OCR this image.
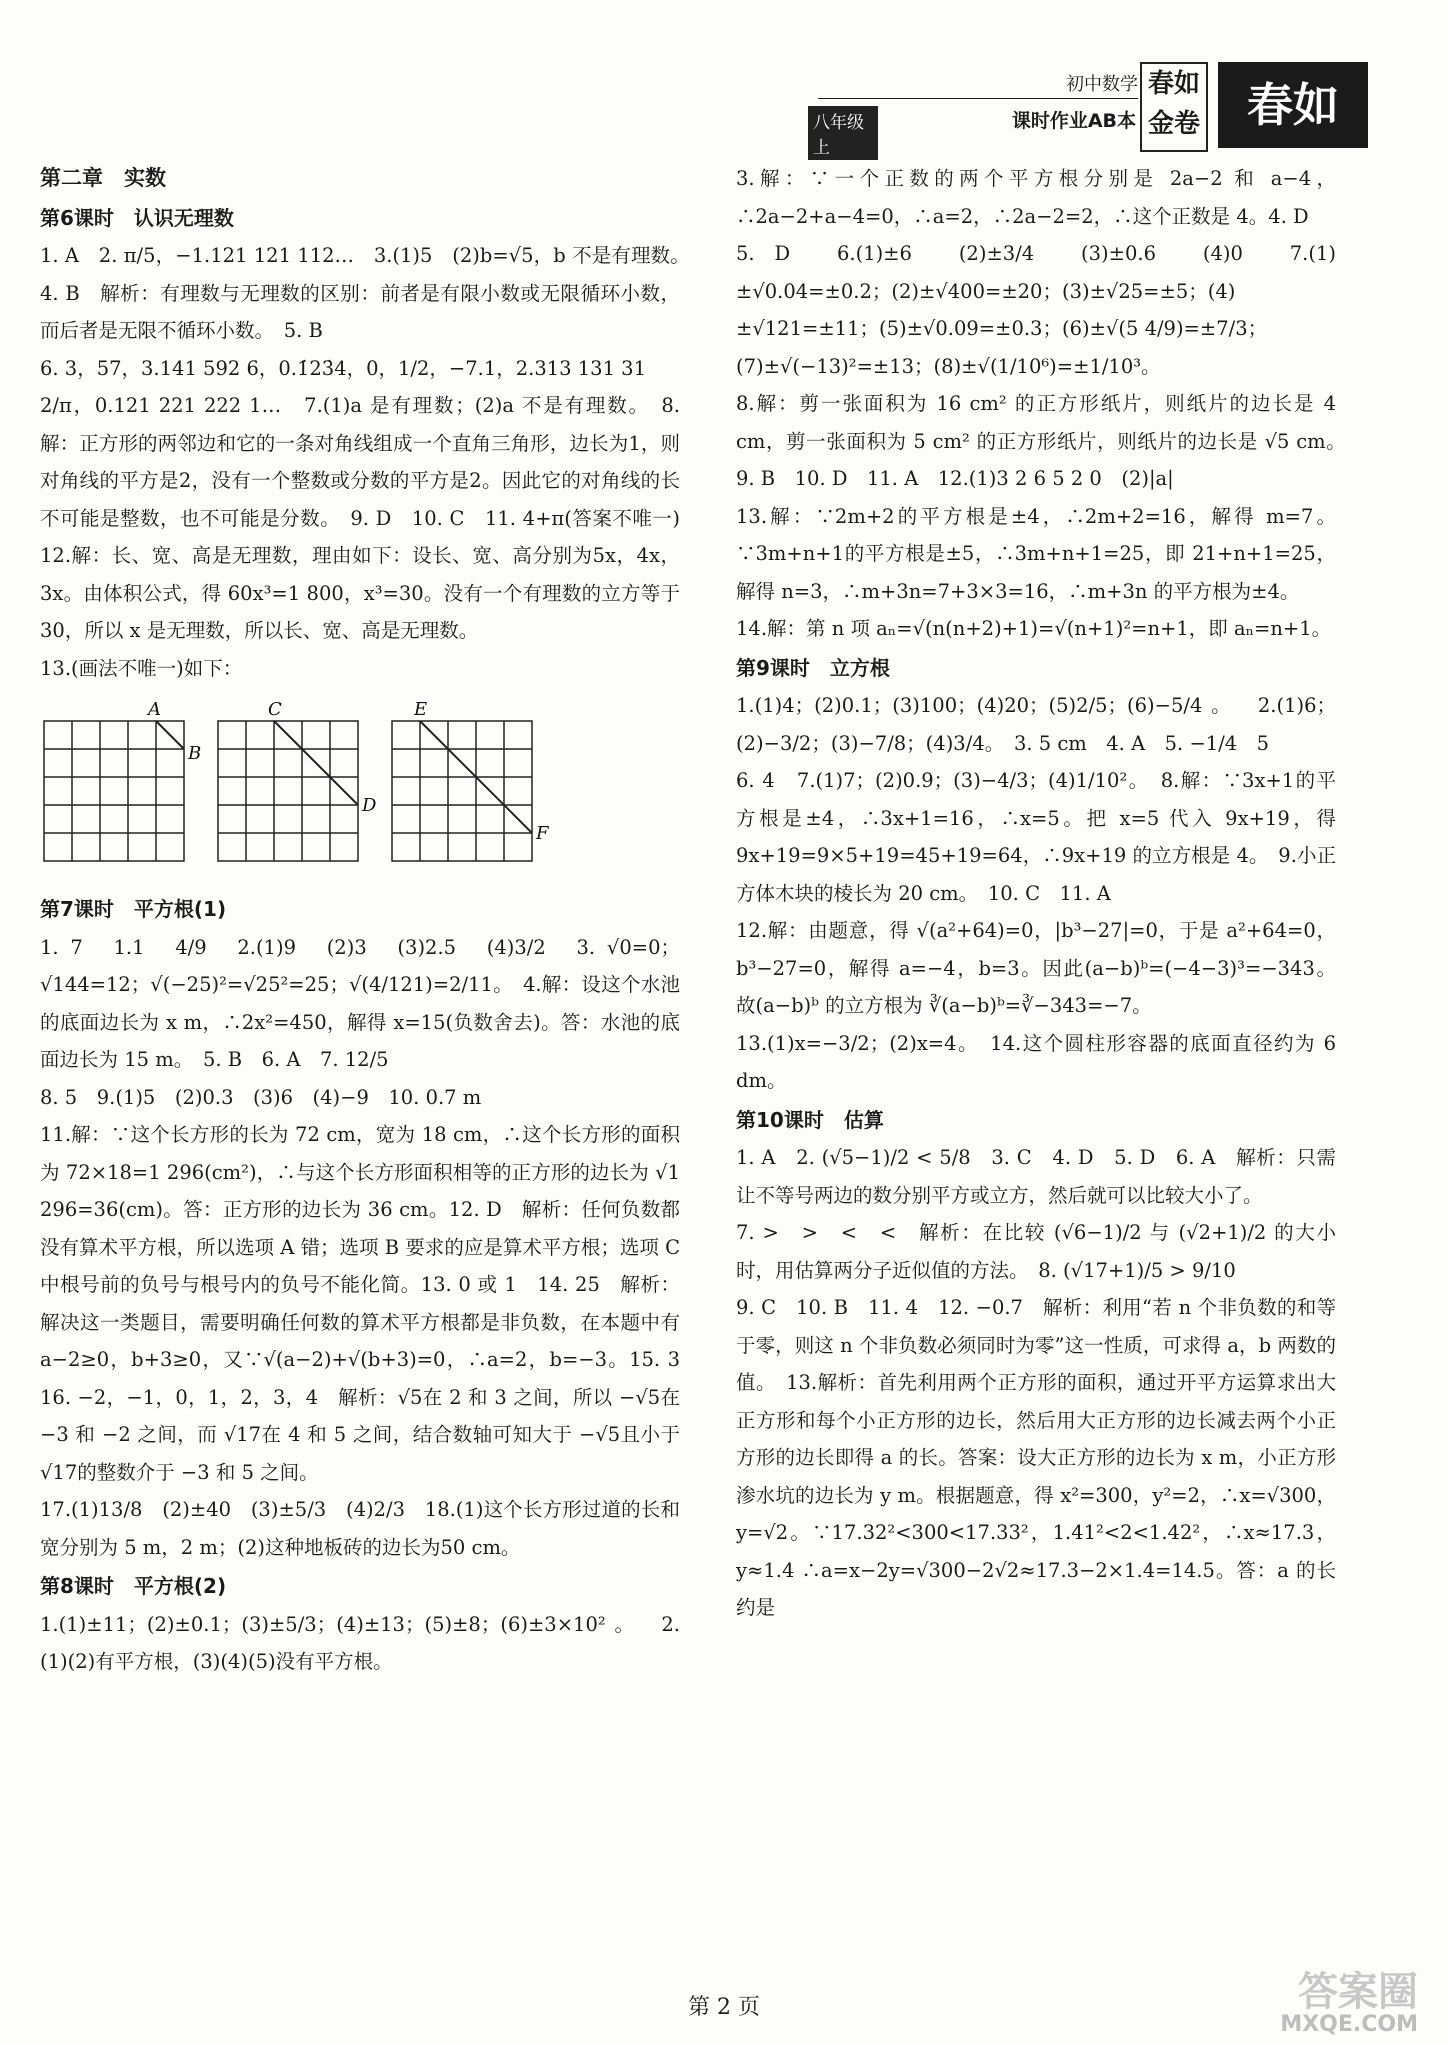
初中数学
八年级上
课时作业AB本
春如金卷	春如
第二章　实数
第6课时　认识无理数
1. A　2. π/5，−1.121 121 112…　3.(1)5　(2)b=√5，b 不是有理数。　4. B　解析：有理数与无理数的区别：前者是有限小数或无限循环小数，而后者是无限不循环小数。　5. B
6. 3，57，3.141 592 6，0.1̇23̇4，0，1/2，−7.1，2.313 131 31
2/π，0.121 221 222 1…　7.(1)a 是有理数；(2)a 不是有理数。　8.解：正方形的两邻边和它的一条对角线组成一个直角三角形，边长为1，则对角线的平方是2，没有一个整数或分数的平方是2。因此它的对角线的长不可能是整数，也不可能是分数。　9. D　10. C　11. 4+π(答案不唯一)　12.解：长、宽、高是无理数，理由如下：设长、宽、高分别为5x，4x，3x。由体积公式，得 60x³=1 800，x³=30。没有一个有理数的立方等于30，所以 x 是无理数，所以长、宽、高是无理数。
13.(画法不唯一)如下：
A
B
C
D
E
F
第7课时　平方根(1)
1. 7　1.1　4/9　2.(1)9　(2)3　(3)2.5　(4)3/2　3. √0=0；√144=12；√(−25)²=√25²=25；√(4/121)=2/11。　4.解：设这个水池的底面边长为 x m，∴2x²=450，解得 x=15(负数舍去)。答：水池的底面边长为 15 m。　5. B　6. A　7. 12/5
8. 5　9.(1)5　(2)0.3　(3)6　(4)−9　10. 0.7 m
11.解：∵这个长方形的长为 72 cm，宽为 18 cm，∴这个长方形的面积为 72×18=1 296(cm²)，∴与这个长方形面积相等的正方形的边长为 √1 296=36(cm)。答：正方形的边长为 36 cm。12. D　解析：任何负数都没有算术平方根，所以选项 A 错；选项 B 要求的应是算术平方根；选项 C 中根号前的负号与根号内的负号不能化简。13. 0 或 1　14. 25　解析：解决这一类题目，需要明确任何数的算术平方根都是非负数，在本题中有 a−2≥0，b+3≥0，又∵√(a−2)+√(b+3)=0，∴a=2，b=−3。15. 3　16. −2，−1，0，1，2，3，4　解析：√5在 2 和 3 之间，所以 −√5在 −3 和 −2 之间，而 √17在 4 和 5 之间，结合数轴可知大于 −√5且小于 √17的整数介于 −3 和 5 之间。
17.(1)13/8　(2)±40　(3)±5/3　(4)2/3　18.(1)这个长方形过道的长和宽分别为 5 m，2 m；(2)这种地板砖的边长为50 cm。
第8课时　平方根(2)
1.(1)±11；(2)±0.1；(3)±5/3；(4)±13；(5)±8；(6)±3×10²。　2.(1)(2)有平方根，(3)(4)(5)没有平方根。
3.解：∵一个正数的两个平方根分别是 2a−2 和 a−4，∴2a−2+a−4=0，∴a=2，∴2a−2=2，∴这个正数是 4。4. D
5. D　6.(1)±6　(2)±3/4　(3)±0.6　(4)0　7.(1)±√0.04=±0.2；(2)±√400=±20；(3)±√25=±5；(4)±√121=±11；(5)±√0.09=±0.3；(6)±√(5 4/9)=±7/3；
(7)±√(−13)²=±13；(8)±√(1/10⁶)=±1/10³。
8.解：剪一张面积为 16 cm² 的正方形纸片，则纸片的边长是 4 cm，剪一张面积为 5 cm² 的正方形纸片，则纸片的边长是 √5 cm。　9. B　10. D　11. A　12.(1)3 2 6 5 2 0　(2)|a|
13.解：∵2m+2的平方根是±4，∴2m+2=16，解得 m=7。∵3m+n+1的平方根是±5，∴3m+n+1=25，即 21+n+1=25，解得 n=3，∴m+3n=7+3×3=16，∴m+3n 的平方根为±4。
14.解：第 n 项 aₙ=√(n(n+2)+1)=√(n+1)²=n+1，即 aₙ=n+1。
第9课时　立方根
1.(1)4；(2)0.1；(3)100；(4)20；(5)2/5；(6)−5/4。　2.(1)6；(2)−3/2；(3)−7/8；(4)3/4。　3. 5 cm　4. A　5. −1/4　5
6. 4　7.(1)7；(2)0.9；(3)−4/3；(4)1/10²。　8.解：∵3x+1的平方根是±4，∴3x+1=16，∴x=5。把 x=5 代入 9x+19，得 9x+19=9×5+19=45+19=64，∴9x+19 的立方根是 4。　9.小正方体木块的棱长为 20 cm。　10. C　11. A
12.解：由题意，得 √(a²+64)=0，|b³−27|=0，于是 a²+64=0，b³−27=0，解得 a=−4，b=3。因此(a−b)ᵇ=(−4−3)³=−343。故(a−b)ᵇ 的立方根为 ∛(a−b)ᵇ=∛−343=−7。
13.(1)x=−3/2；(2)x=4。　14.这个圆柱形容器的底面直径约为 6 dm。
第10课时　估算
1. A　2. (√5−1)/2 < 5/8　3. C　4. D　5. D　6. A　解析：只需让不等号两边的数分别平方或立方，然后就可以比较大小了。
7. >　>　<　<　解析：在比较 (√6−1)/2 与 (√2+1)/2 的大小时，用估算两分子近似值的方法。　8. (√17+1)/5 > 9/10
9. C　10. B　11. 4　12. −0.7　解析：利用“若 n 个非负数的和等于零，则这 n 个非负数必须同时为零”这一性质，可求得 a，b 两数的值。　13.解析：首先利用两个正方形的面积，通过开平方运算求出大正方形和每个小正方形的边长，然后用大正方形的边长减去两个小正方形的边长即得 a 的长。答案：设大正方形的边长为 x m，小正方形渗水坑的边长为 y m。根据题意，得 x²=300，y²=2，∴x=√300，y=√2。∵17.32²<300<17.33²，1.41²<2<1.42²，∴x≈17.3，y≈1.4 ∴a=x−2y=√300−2√2≈17.3−2×1.4=14.5。答：a 的长约是
第 2 页	答案圈
MXQE.COM
